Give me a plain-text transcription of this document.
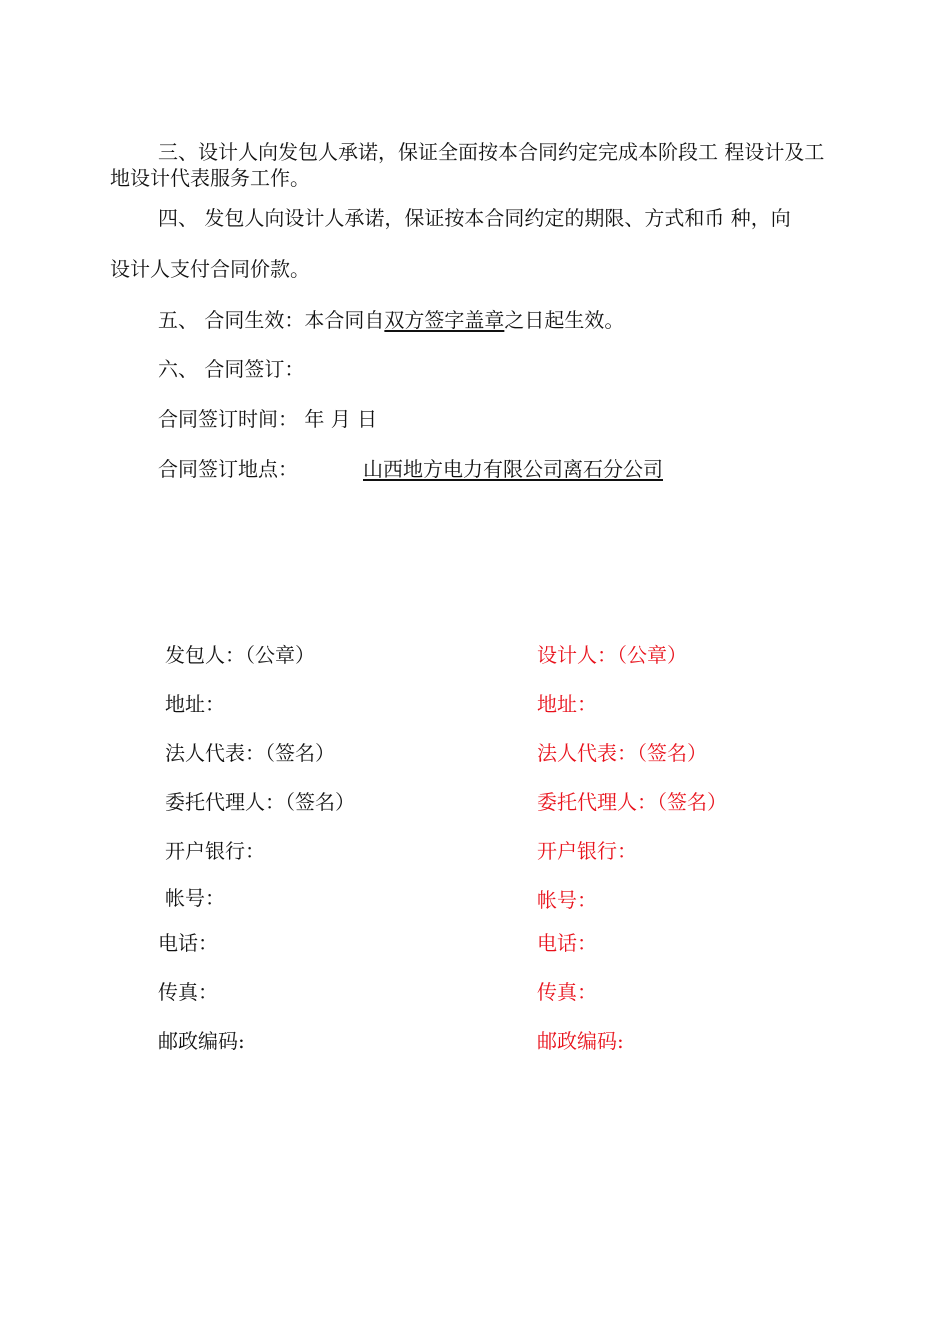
三、设计人向发包人承诺，保证全面按本合同约定完成本阶段工 程设计及工地设计代表服务工作。
四、 发包人向设计人承诺，保证按本合同约定的期限、方式和币 种，向
设计人支付合同价款。
五、 合同生效：本合同自双方签字盖章之日起生效。
六、 合同签订：
合同签订时间： 年 月 日
合同签订地点：	山西地方电力有限公司离石分公司
发包人：（公章）
地址：
法人代表：（签名）
委托代理人：（签名）
开户银行：
帐号：
电话：
传真：
邮政编码:
设计人：（公章）
地址：
法人代表：（签名）
委托代理人：（签名）
开户银行：
帐号：
电话：
传真：
邮政编码:
